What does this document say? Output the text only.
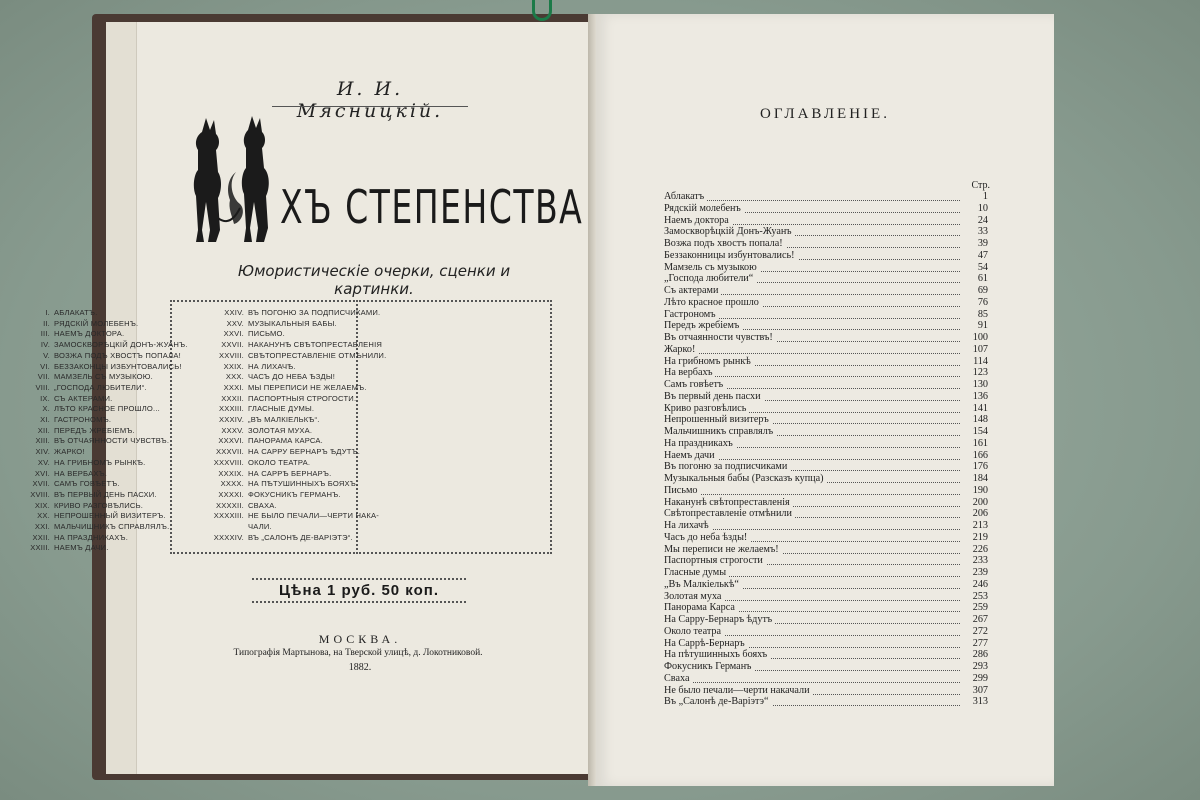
И. И. Мясницкій.
ХЪ СТЕПЕНСТВА
Юмористическіе очерки, сценки и картинки.
I. АБЛАКАТЪ.
II. РЯДСКІЙ МОЛЕБЕНЪ.
III. НАЕМЪ ДОКТОРА.
IV. ЗАМОСКВОРѢЦКІЙ ДОНЪ-ЖУАНЪ.
V. ВОЗЖА ПОДЪ ХВОСТЪ ПОПАЛА!
VI. БЕЗЗАКОНЦЫ ИЗБУНТОВАЛИСЬ!
VII. МАМЗЕЛЬ СЪ МУЗЫКОЮ.
VIII. „ГОСПОДА ЛЮБИТЕЛИ“.
IX. СЪ АКТЕРАМИ.
X. ЛѢТО КРАСНОЕ ПРОШЛО...
XI. ГАСТРОНОМЪ.
XII. ПЕРЕДЪ ЖРЕБІЕМЪ.
XIII. ВЪ ОТЧАЯННОСТИ ЧУВСТВЪ.
XIV. ЖАРКО!
XV. НА ГРИБНОМЪ РЫНКѢ.
XVI. НА ВЕРБАХЪ.
XVII. САМЪ ГОВѢЕТЪ.
XVIII. ВЪ ПЕРВЫЙ ДЕНЬ ПАСХИ.
XIX. КРИВО РАЗГОВѢЛИСЬ.
XX. НЕПРОШЕННЫЙ ВИЗИТЕРЪ.
XXI. МАЛЬЧИШНИКЪ СПРАВЛЯЛЪ.
XXII. НА ПРАЗДНИКАХЪ.
XXIII. НАЕМЪ ДАЧИ.
XXIV. ВЪ ПОГОНЮ ЗА ПОДПИСЧИКАМИ.
XXV. МУЗЫКАЛЬНЫЯ БАБЫ.
XXVI. ПИСЬМО.
XXVII. НАКАНУНѢ СВѢТОПРЕСТАВЛЕНІЯ
XXVIII. СВѢТОПРЕСТАВЛЕНІЕ ОТМѢНИЛИ.
XXIX. НА ЛИХАЧѢ.
XXX. ЧАСЪ ДО НЕБА ѢЗДЫ!
XXXI. МЫ ПЕРЕПИСИ НЕ ЖЕЛАЕМЪ.
XXXII. ПАСПОРТНЫЯ СТРОГОСТИ.
XXXIII. ГЛАСНЫЕ ДУМЫ.
XXXIV. „ВЪ МАЛКІЕЛЬКѢ“.
XXXV. ЗОЛОТАЯ МУХА.
XXXVI. ПАНОРАМА КАРСА.
XXXVII. НА САРРУ БЕРНАРЪ ѢДУТЪ.
XXXVIII. ОКОЛО ТЕАТРА.
XXXIX. НА САРРѢ БЕРНАРЪ.
XXXX. НА ПѢТУШИННЫХЪ БОЯХЪ.
XXXXI. ФОКУСНИКЪ ГЕРМАНЪ.
XXXXII. СВАХА.
XXXXIII. НЕ БЫЛО ПЕЧАЛИ—ЧЕРТИ НАКА-
ЧАЛИ.
XXXXIV. ВЪ „САЛОНѢ ДЕ-ВАРІЭТЭ“.
Цѣна 1 руб. 50 коп.
МОСКВА.
Типографія Мартынова, на Тверской улицѣ, д. Локотниковой.
1882.
ОГЛАВЛЕНІЕ.
Стр.
Аблакатъ	1
Рядскій молебенъ	10
Наемъ доктора	24
Замоскворѣцкій Донъ-Жуанъ	33
Возжа подъ хвостъ попала!	39
Беззаконницы избунтовались!	47
Мамзель съ музыкою	54
„Господа любители“	61
Съ актерами	69
Лѣто красное прошло	76
Гастрономъ	85
Передъ жребіемъ	91
Въ отчаянности чувствъ!	100
Жарко!	107
На грибномъ рынкѣ	114
На вербахъ	123
Самъ говѣетъ	130
Въ первый день пасхи	136
Криво разговѣлись	141
Непрошенный визитеръ	148
Мальчишникъ справлялъ	154
На праздникахъ	161
Наемъ дачи	166
Въ погоню за подписчиками	176
Музыкальныя бабы (Разсказъ купца)	184
Письмо	190
Наканунѣ свѣтопреставленія	200
Свѣтопреставленіе отмѣнили	206
На лихачѣ	213
Часъ до неба ѣзды!	219
Мы переписи не желаемъ!	226
Паспортныя строгости	233
Гласные думы	239
„Въ Малкіелькѣ“	246
Золотая муха	253
Панорама Карса	259
На Сарру-Бернаръ ѣдутъ	267
Около театра	272
На Саррѣ-Бернаръ	277
На пѣтушинныхъ бояхъ	286
Фокусникъ Германъ	293
Сваха	299
Не было печали—черти накачали	307
Въ „Салонѣ де-Варіэтэ“	313
